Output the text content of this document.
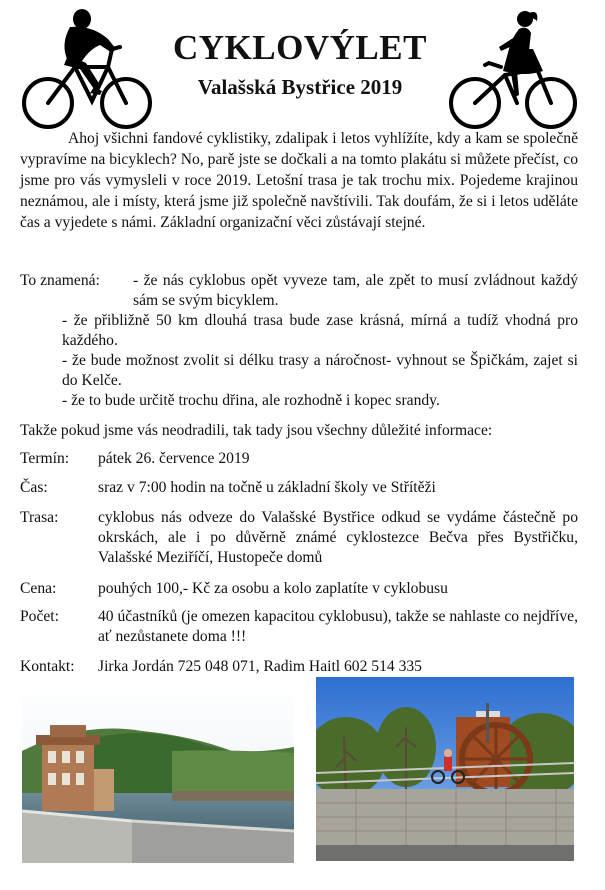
CYKLOVÝLET
Valašská Bystřice 2019
Ahoj všichni fandové cyklistiky, zdalipak i letos vyhlížíte, kdy a kam se společně vypravíme na bicyklech? No, parě jste se dočkali a na tomto plakátu si můžete přečíst, co jsme pro vás vymysleli v roce 2019. Letošní trasa je tak trochu mix. Pojedeme krajinou neznámou, ale i místy, která jsme již společně navštívili. Tak doufám, že si i letos uděláte čas a vyjedete s námi. Základní organizační věci zůstávají stejné.
To znamená: - že nás cyklobus opět vyveze tam, ale zpět to musí zvládnout každý sám se svým bicyklem.
- že přibližně 50 km dlouhá trasa bude zase krásná, mírná a tudíž vhodná pro každého.
- že bude možnost zvolit si délku trasy a náročnost- vyhnout se Špičkám, zajet si do Kelče.
- že to bude určitě trochu dřina, ale rozhodně i kopec srandy.
Takže pokud jsme vás neodradili, tak tady jsou všechny důležité informace:
Termín: pátek 26. července 2019
Čas:	sraz v 7:00 hodin na točně u základní školy ve Střítěži
Trasa:	cyklobus nás odveze do Valašské Bystřice odkud se vydáme částečně po okrskách, ale i po důvěrně známé cyklostezce Bečva přes Bystřičku, Valašské Meziříčí, Hustopeče domů
Cena:	pouhých 100,- Kč za osobu a kolo zaplatíte v cyklobusu
Počet:	40 účastníků (je omezen kapacitou cyklobusu), takže se nahlaste co nejdříve, ať nezůstanete doma !!!
Kontakt: Jirka Jordán 725 048 071, Radim Haitl 602 514 335
